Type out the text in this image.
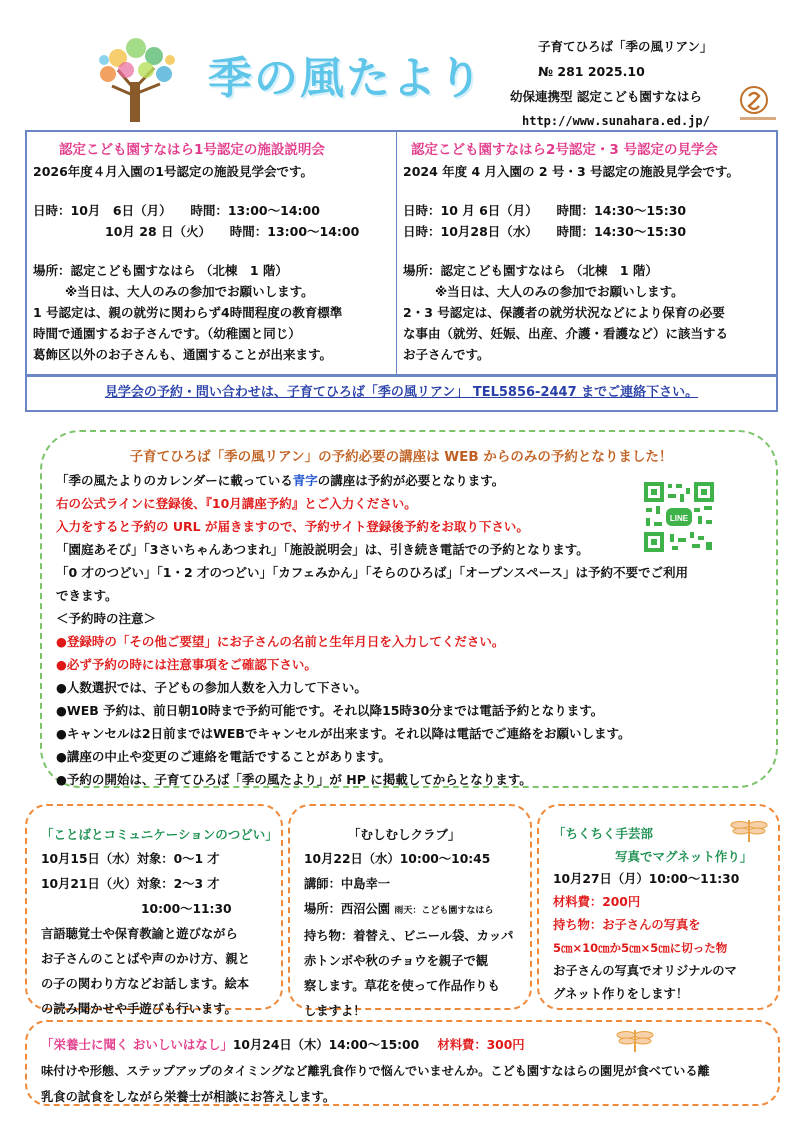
季の風たより
子育てひろば「季の風リアン」
№ 281 2025.10
幼保連携型 認定こども園すなはら
http://www.sunahara.ed.jp/
認定こども園すなはら1号認定の施設説明会
2026年度４月入園の1号認定の施設見学会です。
日時：10月　6日（月）　　時間：13:00～14:00
10月 28 日（火）　　時間：13:00～14:00
場所：認定こども園すなはら （北棟　1 階）
※当日は、大人のみの参加でお願いします。
1 号認定は、親の就労に関わらず4時間程度の教育標準
時間で通園するお子さんです。（幼稚園と同じ）
葛飾区以外のお子さんも、通園することが出来ます。
認定こども園すなはら2号認定・3 号認定の見学会
2024 年度 4 月入園の 2 号・3 号認定の施設見学会です。
日時：10 月 6日（月）　　時間：14:30～15:30
日時：10月28日（水）　　時間：14:30～15:30
場所：認定こども園すなはら （北棟　1 階）
※当日は、大人のみの参加でお願いします。
2・3 号認定は、保護者の就労状況などにより保育の必要
な事由（就労、妊娠、出産、介護・看護など）に該当する
お子さんです。
見学会の予約・問い合わせは、子育てひろば「季の風リアン」 TEL5856-2447 までご連絡下さい。
子育てひろば「季の風リアン」の予約必要の講座は WEB からのみの予約となりました！
「季の風たよりのカレンダーに載っている青字の講座は予約が必要となります。
右の公式ラインに登録後、『10月講座予約』とご入力ください。
入力をすると予約の URL が届きますので、予約サイト登録後予約をお取り下さい。
「園庭あそび」「3さいちゃんあつまれ」「施設説明会」は、引き続き電話での予約となります。
「0 才のつどい」「1・2 才のつどい」「カフェみかん」「そらのひろば」「オープンスペース」は予約不要でご利用
できます。
＜予約時の注意＞
●登録時の「その他ご要望」にお子さんの名前と生年月日を入力してください。
●必ず予約の時には注意事項をご確認下さい。
●人数選択では、子どもの参加人数を入力して下さい。
●WEB 予約は、前日朝10時まで予約可能です。それ以降15時30分までは電話予約となります。
●キャンセルは2日前まではWEBでキャンセルが出来ます。それ以降は電話でご連絡をお願いします。
●講座の中止や変更のご連絡を電話ですることがあります。
●予約の開始は、子育てひろば「季の風たより」が HP に掲載してからとなります。
LINE
「ことばとコミュニケーションのつどい」
10月15日（水）対象：0～1 才
10月21日（火）対象：2～3 才
10:00～11:30
言語聴覚士や保育教諭と遊びながら
お子さんのことばや声のかけ方、親と
の子の関わり方などお話します。絵本
の読み聞かせや手遊びも行います。
「むしむしクラブ」
10月22日（水）10:00～10:45
講師：中島幸一
場所：西沼公園 雨天：こども園すなはら
持ち物：着替え、ビニール袋、カッパ
赤トンボや秋のチョウを親子で観
察します。草花を使って作品作りも
しますよ！
「ちくちく手芸部
写真でマグネット作り」
10月27日（月）10:00～11:30
材料費：200円
持ち物：お子さんの写真を
5㎝×10㎝か5㎝×5㎝に切った物
お子さんの写真でオリジナルのマ
グネット作りをします！
「栄養士に聞く おいしいはなし」10月24日（木）14:00～15:00 材料費：300円
味付けや形態、ステップアップのタイミングなど離乳食作りで悩んでいませんか。こども園すなはらの園児が食べている離
乳食の試食をしながら栄養士が相談にお答えします。
